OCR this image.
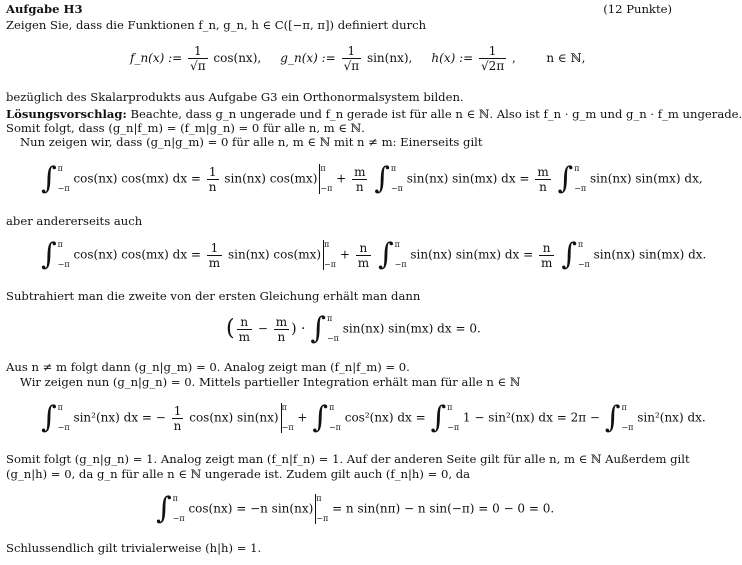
Aufgabe H3	(12 Punkte)
Zeigen Sie, dass die Funktionen f_n, g_n, h ∈ C([−π, π]) definiert durch
f_n(x) := $\frac{1}{√\pi} \cos(nx)$, g_n(x) := $\frac{1}{√\pi} \sin(nx)$, h(x) := $\frac{1}{√2\pi}$ ,	n ∈ ℕ,
bezüglich des Skalarprodukts aus Aufgabe G3 ein Orthonormalsystem bilden.
Lösungsvorschlag: Beachte, dass g_n ungerade und f_n gerade ist für alle n ∈ ℕ. Also ist f_n · g_m und g_n · f_m ungerade.
Somit folgt, dass (g_n|f_m) = (f_m|g_n) = 0 für alle n, m ∈ ℕ.
Nun zeigen wir, dass (g_n|g_m) = 0 für alle n, m ∈ ℕ mit n ≠ m: Einerseits gilt
∫ π
−π
cos(nx) cos(mx) dx = $\frac{1}{n} \sin(nx)$ cos(mx)
π
−π
+ $\frac{m}{n}$ ∫ π
−π
sin(nx) sin(mx) dx = $\frac{m}{n}$ ∫ π
−π
sin(nx) sin(mx) dx,
aber andererseits auch
∫ π
−π
cos(nx) cos(mx) dx = $\frac{1}{m} \sin(nx)$ cos(mx)
π
−π
+ $\frac{n}{m}$ ∫ π
−π
sin(nx) sin(mx) dx = $\frac{n}{m}$ ∫ π
−π
sin(nx) sin(mx) dx.
Subtrahiert man die zweite von der ersten Gleichung erhält man dann
( $\frac{n}{m} - \frac{m}{n}$ ) · ∫ π
−π
sin(nx) sin(mx) dx = 0.
Aus n ≠ m folgt dann (g_n|g_m) = 0. Analog zeigt man (f_n|f_m) = 0.
Wir zeigen nun (g_n|g_n) = 0. Mittels partieller Integration erhält man für alle n ∈ ℕ
∫ π
−π
sin²(nx) dx = − $\frac{1}{n} \cos(nx)$ sin(nx)
π
−π
+ ∫ π
−π
cos²(nx) dx = ∫ π
−π
1 − sin²(nx) dx = 2π − ∫ π
−π
sin²(nx) dx.
Somit folgt (g_n|g_n) = 1. Analog zeigt man (f_n|f_n) = 1. Auf der anderen Seite gilt für alle n, m ∈ ℕ Außerdem gilt
(g_n|h) = 0, da g_n für alle n ∈ ℕ ungerade ist. Zudem gilt auch (f_n|h) = 0, da
∫ π
−π
cos(nx) = −n sin(nx)
π
−π
= n sin(nπ) − n sin(−π) = 0 − 0 = 0.
Schlussendlich gilt trivialerweise (h|h) = 1.
